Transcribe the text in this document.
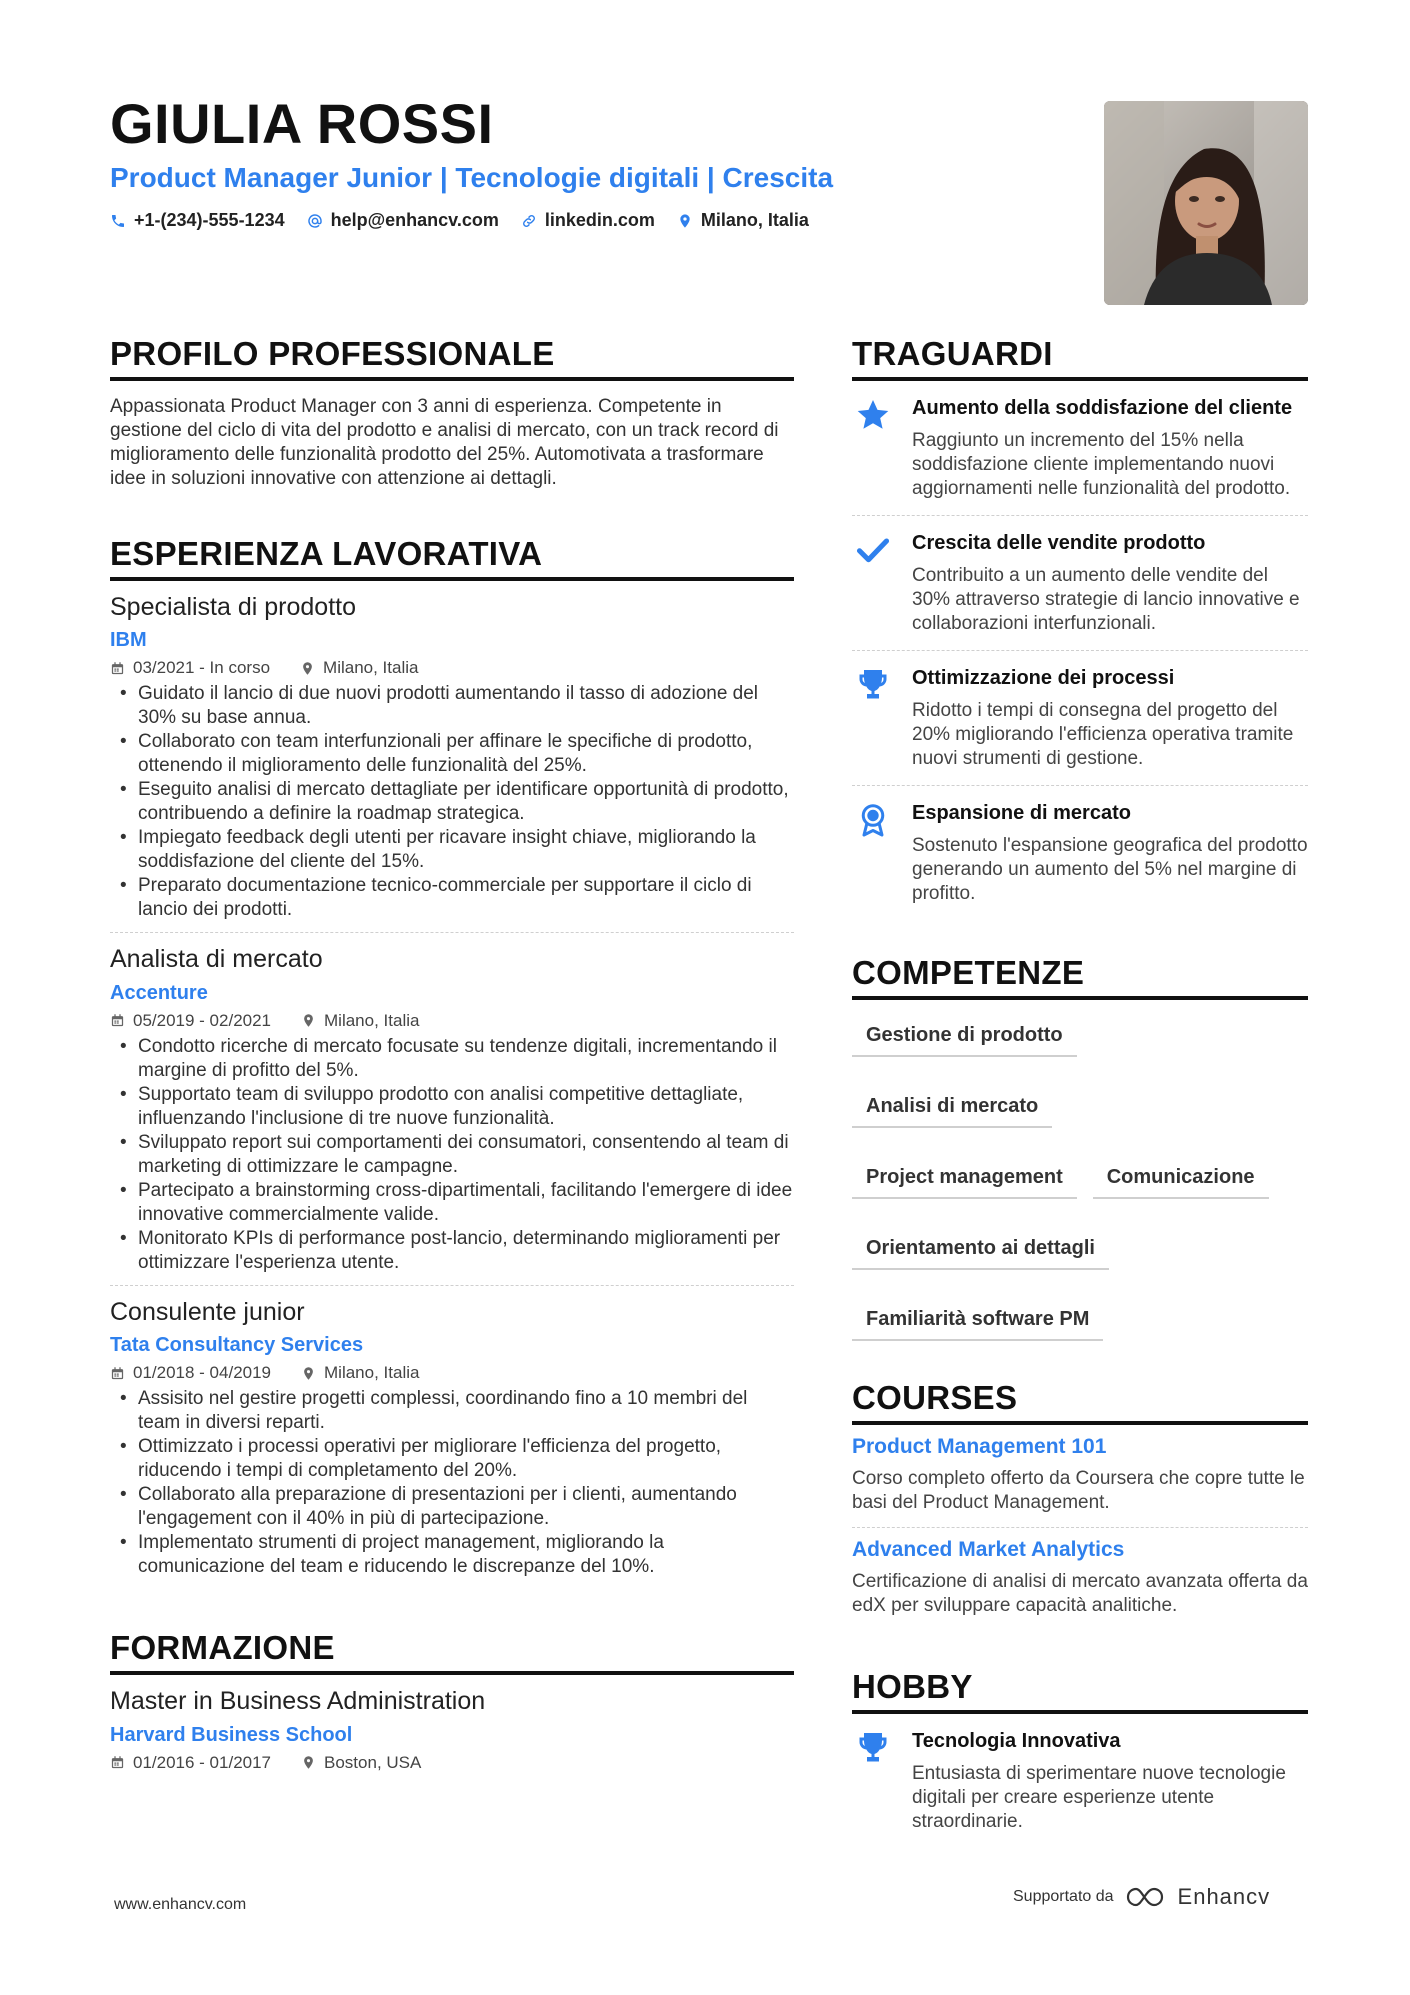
GIULIA ROSSI
Product Manager Junior | Tecnologie digitali | Crescita
+1-(234)-555-1234	help@enhancv.com	linkedin.com	Milano, Italia
PROFILO PROFESSIONALE

Appassionata Product Manager con 3 anni di esperienza. Competente in gestione del ciclo di vita del prodotto e analisi di mercato, con un track record di miglioramento delle funzionalità prodotto del 25%. Automotivata a trasformare idee in soluzioni innovative con attenzione ai dettagli.

ESPERIENZA LAVORATIVA
Specialista di prodotto
IBM
03/2021 - In corso	Milano, Italia
• Guidato il lancio di due nuovi prodotti aumentando il tasso di adozione del 30% su base annua.
• Collaborato con team interfunzionali per affinare le specifiche di prodotto, ottenendo il miglioramento delle funzionalità del 25%.
• Eseguito analisi di mercato dettagliate per identificare opportunità di prodotto, contribuendo a definire la roadmap strategica.
• Impiegato feedback degli utenti per ricavare insight chiave, migliorando la soddisfazione del cliente del 15%.
• Preparato documentazione tecnico-commerciale per supportare il ciclo di lancio dei prodotti.
Analista di mercato
Accenture
05/2019 - 02/2021	Milano, Italia
• Condotto ricerche di mercato focusate su tendenze digitali, incrementando il margine di profitto del 5%.
• Supportato team di sviluppo prodotto con analisi competitive dettagliate, influenzando l'inclusione di tre nuove funzionalità.
• Sviluppato report sui comportamenti dei consumatori, consentendo al team di marketing di ottimizzare le campagne.
• Partecipato a brainstorming cross-dipartimentali, facilitando l'emergere di idee innovative commercialmente valide.
• Monitorato KPIs di performance post-lancio, determinando miglioramenti per ottimizzare l'esperienza utente.
Consulente junior
Tata Consultancy Services
01/2018 - 04/2019	Milano, Italia
• Assisito nel gestire progetti complessi, coordinando fino a 10 membri del team in diversi reparti.
• Ottimizzato i processi operativi per migliorare l'efficienza del progetto, riducendo i tempi di completamento del 20%.
• Collaborato alla preparazione di presentazioni per i clienti, aumentando l'engagement con il 40% in più di partecipazione.
• Implementato strumenti di project management, migliorando la comunicazione del team e riducendo le discrepanze del 10%.
FORMAZIONE
Master in Business Administration
Harvard Business School
01/2016 - 01/2017	Boston, USA
TRAGUARDI
Aumento della soddisfazione del cliente
Raggiunto un incremento del 15% nella soddisfazione cliente implementando nuovi aggiornamenti nelle funzionalità del prodotto.
Crescita delle vendite prodotto
Contribuito a un aumento delle vendite del 30% attraverso strategie di lancio innovative e collaborazioni interfunzionali.
Ottimizzazione dei processi
Ridotto i tempi di consegna del progetto del 20% migliorando l'efficienza operativa tramite nuovi strumenti di gestione.
Espansione di mercato
Sostenuto l'espansione geografica del prodotto generando un aumento del 5% nel margine di profitto.
COMPETENZE
Gestione di prodotto
Analisi di mercato
Project management	Comunicazione
Orientamento ai dettagli
Familiarità software PM
COURSES
Product Management 101
Corso completo offerto da Coursera che copre tutte le basi del Product Management.
Advanced Market Analytics
Certificazione di analisi di mercato avanzata offerta da edX per sviluppare capacità analitiche.
HOBBY
Tecnologia Innovativa
Entusiasta di sperimentare nuove tecnologie digitali per creare esperienze utente straordinarie.
www.enhancv.com	Supportato da	Enhancv
